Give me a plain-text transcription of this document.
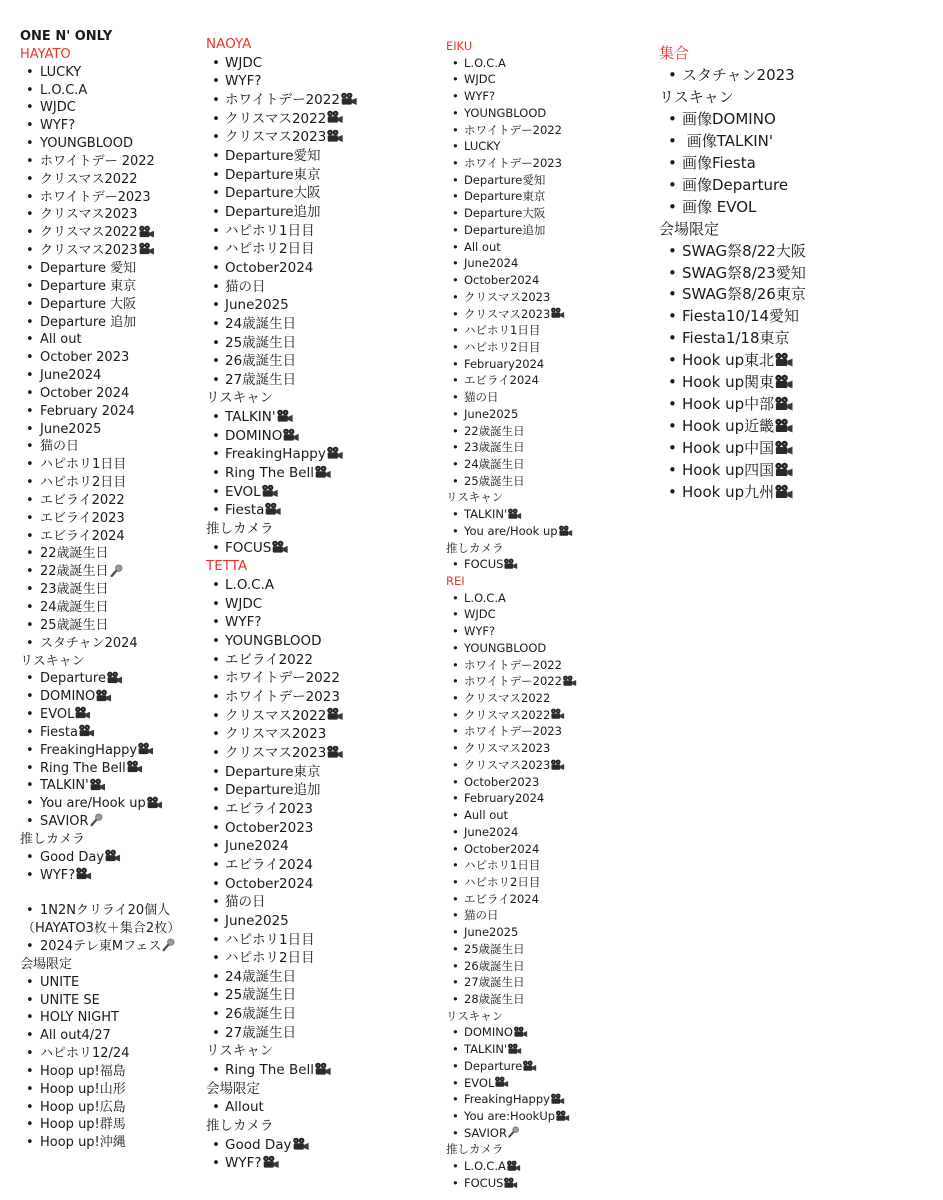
ONE N' ONLY
HAYATO
• LUCKY
• L.O.C.A
• WJDC
• WYF?
• YOUNGBLOOD
• ホワイトデー 2022
• クリスマス2022
• ホワイトデー2023
• クリスマス2023
• クリスマス2022
• クリスマス2023
• Departure 愛知
• Departure 東京
• Departure 大阪
• Departure 追加
• All out
• October 2023
• June2024
• October 2024
• February 2024
• June2025
• 猫の日
• ハピホリ1日目
• ハピホリ2日目
• エビライ2022
• エビライ2023
• エビライ2024
• 22歳誕生日
• 22歳誕生日
• 23歳誕生日
• 24歳誕生日
• 25歳誕生日
• スタチャン2024
リスキャン
• Departure
• DOMINO
• EVOL
• Fiesta
• FreakingHappy
• Ring The Bell
• TALKIN'
• You are/Hook up
• SAVIOR
推しカメラ
• Good Day
• WYF?
• 1N2Nクリライ20個人
（HAYATO3枚＋集合2枚）
• 2024テレ東Mフェス
会場限定
• UNITE
• UNITE SE
• HOLY NIGHT
• All out4/27
• ハピホリ12/24
• Hoop up!福島
• Hoop up!山形
• Hoop up!広島
• Hoop up!群馬
• Hoop up!沖縄
NAOYA
• WJDC
• WYF?
• ホワイトデー2022
• クリスマス2022
• クリスマス2023
• Departure愛知
• Departure東京
• Departure大阪
• Departure追加
• ハピホリ1日目
• ハピホリ2日目
• October2024
• 猫の日
• June2025
• 24歳誕生日
• 25歳誕生日
• 26歳誕生日
• 27歳誕生日
リスキャン
• TALKIN'
• DOMINO
• FreakingHappy
• Ring The Bell
• EVOL
• Fiesta
推しカメラ
• FOCUS
TETTA
• L.O.C.A
• WJDC
• WYF?
• YOUNGBLOOD
• エビライ2022
• ホワイトデー2022
• ホワイトデー2023
• クリスマス2022
• クリスマス2023
• クリスマス2023
• Departure東京
• Departure追加
• エビライ2023
• October2023
• June2024
• エビライ2024
• October2024
• 猫の日
• June2025
• ハピホリ1日目
• ハピホリ2日目
• 24歳誕生日
• 25歳誕生日
• 26歳誕生日
• 27歳誕生日
リスキャン
• Ring The Bell
会場限定
• Allout
推しカメラ
• Good Day
• WYF?
EIKU
• L.O.C.A
• WJDC
• WYF?
• YOUNGBLOOD
• ホワイトデー2022
• LUCKY
• ホワイトデー2023
• Departure愛知
• Departure東京
• Departure大阪
• Departure追加
• All out
• June2024
• October2024
• クリスマス2023
• クリスマス2023
• ハピホリ1日目
• ハピホリ2日目
• February2024
• エビライ2024
• 猫の日
• June2025
• 22歳誕生日
• 23歳誕生日
• 24歳誕生日
• 25歳誕生日
リスキャン
• TALKIN'
• You are/Hook up
推しカメラ
• FOCUS
REI
• L.O.C.A
• WJDC
• WYF?
• YOUNGBLOOD
• ホワイトデー2022
• ホワイトデー2022
• クリスマス2022
• クリスマス2022
• ホワイトデー2023
• クリスマス2023
• クリスマス2023
• October2023
• February2024
• Aull out
• June2024
• October2024
• ハピホリ1日目
• ハピホリ2日目
• エビライ2024
• 猫の日
• June2025
• 25歳誕生日
• 26歳誕生日
• 27歳誕生日
• 28歳誕生日
リスキャン
• DOMINO
• TALKIN'
• Departure
• EVOL
• FreakingHappy
• You are:HookUp
• SAVIOR
推しカメラ
• L.O.C.A
• FOCUS
集合
• スタチャン2023
リスキャン
• 画像DOMINO
• 画像TALKIN'
• 画像Fiesta
• 画像Departure
• 画像 EVOL
会場限定
• SWAG祭8/22大阪
• SWAG祭8/23愛知
• SWAG祭8/26東京
• Fiesta10/14愛知
• Fiesta1/18東京
• Hook up東北
• Hook up関東
• Hook up中部
• Hook up近畿
• Hook up中国
• Hook up四国
• Hook up九州
